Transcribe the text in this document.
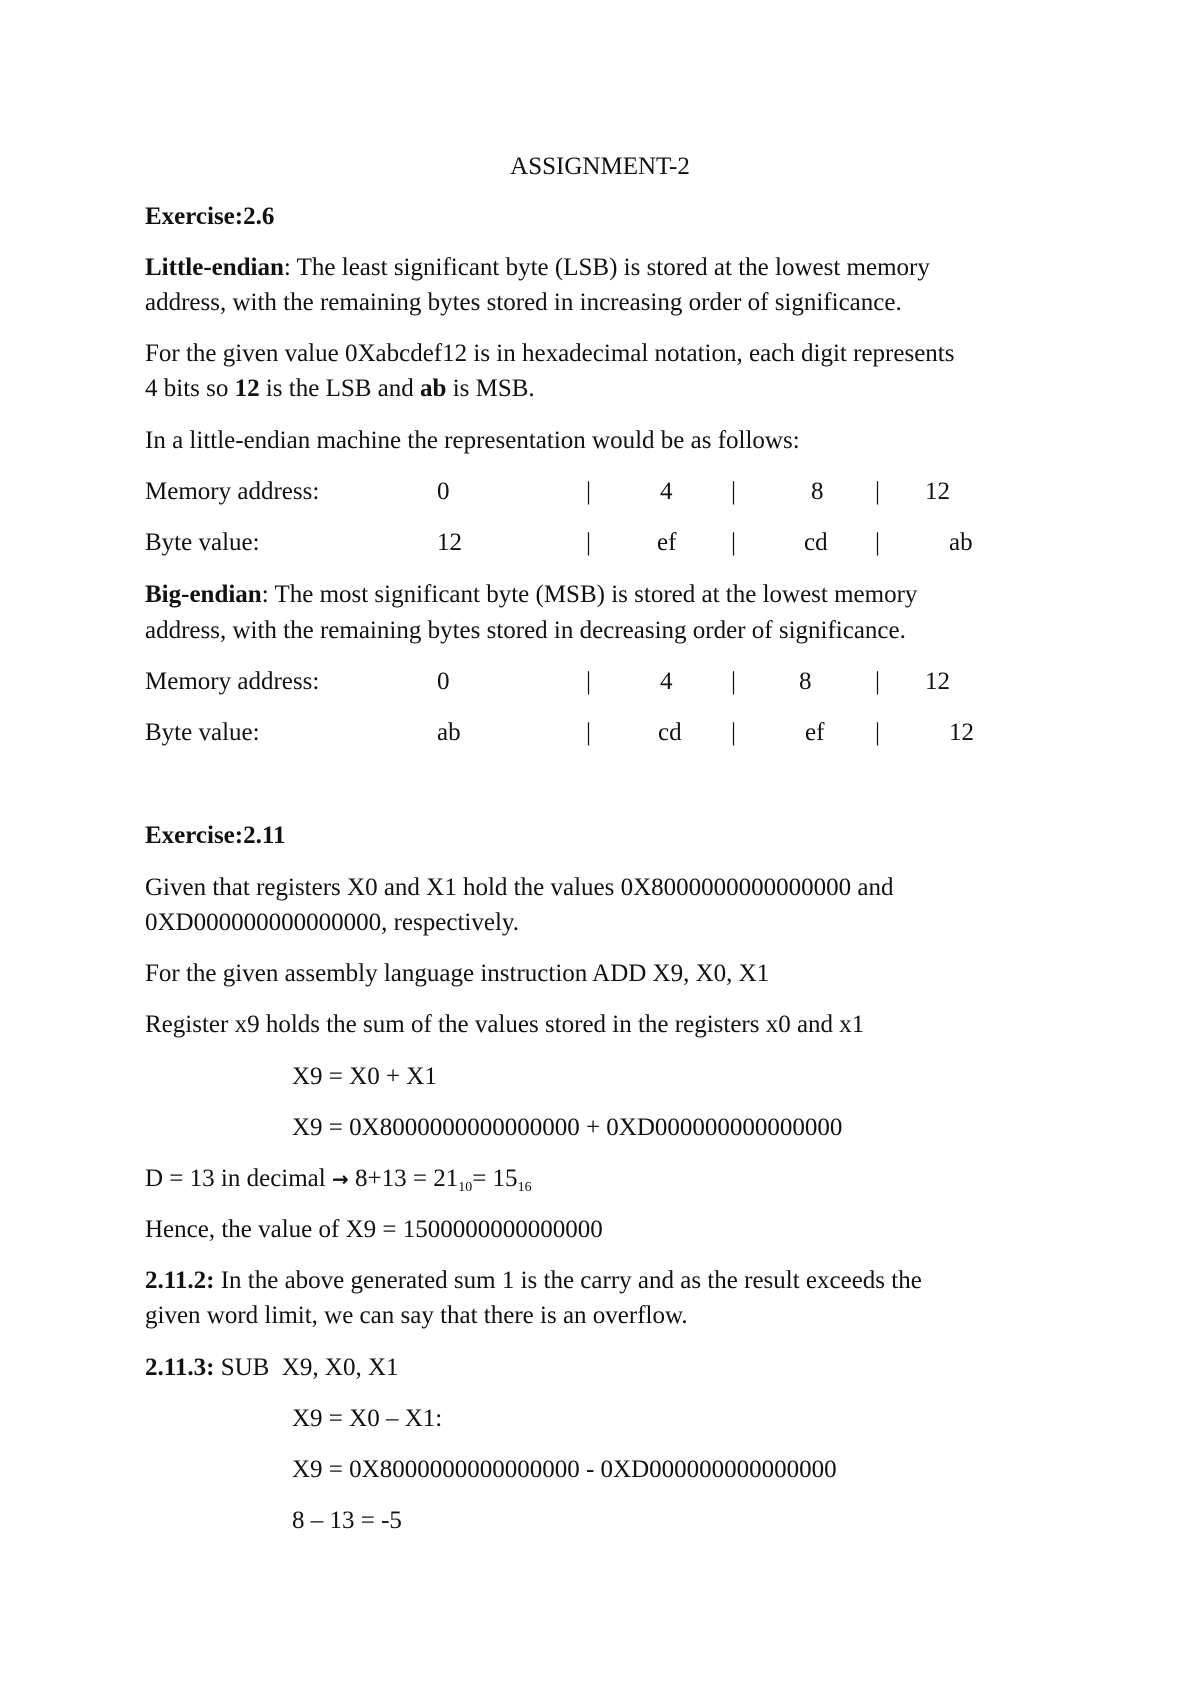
ASSIGNMENT-2
Exercise:2.6
Little-endian: The least significant byte (LSB) is stored at the lowest memory
address, with the remaining bytes stored in increasing order of significance.
For the given value 0Xabcdef12 is in hexadecimal notation, each digit represents
4 bits so 12 is the LSB and ab is MSB.
In a little-endian machine the representation would be as follows:
Memory address:	0	|	4 |	8 | 12
Byte value:	12	|	ef |	cd |	ab
Big-endian: The most significant byte (MSB) is stored at the lowest memory
address, with the remaining bytes stored in decreasing order of significance.
Memory address:	0	|	4 |	8	| 12
Byte value:	ab	|	cd |	ef |	12
Exercise:2.11
Given that registers X0 and X1 hold the values 0X8000000000000000 and
0XD000000000000000, respectively.
For the given assembly language instruction ADD X9, X0, X1
Register x9 holds the sum of the values stored in the registers x0 and x1
X9 = X0 + X1
X9 = 0X8000000000000000 + 0XD000000000000000
D = 13 in decimal → $8+13 = 21_{10}= 15_{16}$
Hence, the value of X9 = 1500000000000000
2.11.2: In the above generated sum 1 is the carry and as the result exceeds the
given word limit, we can say that there is an overflow.
2.11.3: SUB  X9, X0, X1
X9 = X0 – X1:
X9 = 0X8000000000000000 - 0XD000000000000000
8 – 13 = -5
